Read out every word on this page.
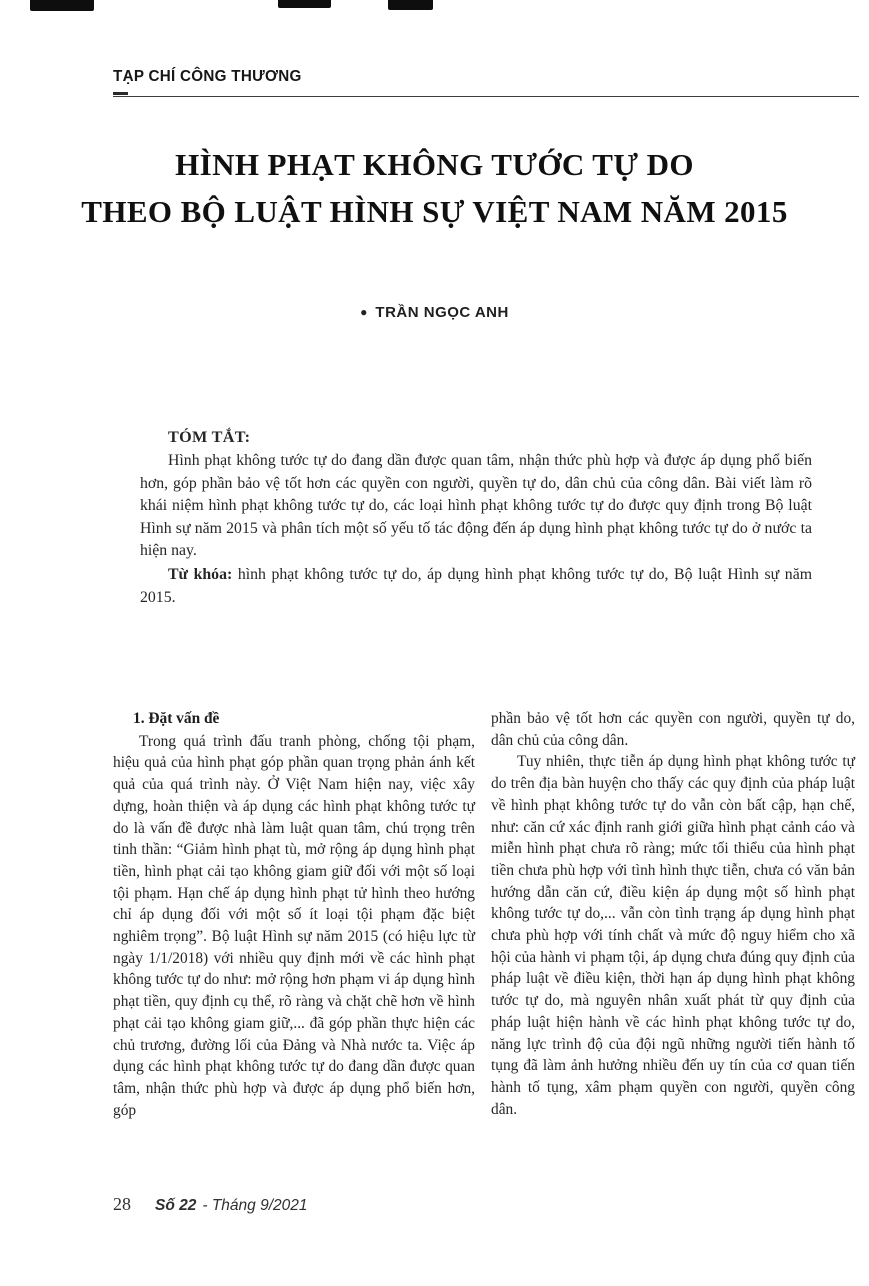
TẠP CHÍ CÔNG THƯƠNG
HÌNH PHẠT KHÔNG TƯỚC TỰ DO
THEO BỘ LUẬT HÌNH SỰ VIỆT NAM NĂM 2015
● TRẦN NGỌC ANH
TÓM TẮT:
Hình phạt không tước tự do đang dần được quan tâm, nhận thức phù hợp và được áp dụng phổ biến hơn, góp phần bảo vệ tốt hơn các quyền con người, quyền tự do, dân chủ của công dân. Bài viết làm rõ khái niệm hình phạt không tước tự do, các loại hình phạt không tước tự do được quy định trong Bộ luật Hình sự năm 2015 và phân tích một số yếu tố tác động đến áp dụng hình phạt không tước tự do ở nước ta hiện nay.
Từ khóa: hình phạt không tước tự do, áp dụng hình phạt không tước tự do, Bộ luật Hình sự năm 2015.
1. Đặt vấn đề
Trong quá trình đấu tranh phòng, chống tội phạm, hiệu quả của hình phạt góp phần quan trọng phản ánh kết quả của quá trình này. Ở Việt Nam hiện nay, việc xây dựng, hoàn thiện và áp dụng các hình phạt không tước tự do là vấn đề được nhà làm luật quan tâm, chú trọng trên tinh thần: “Giảm hình phạt tù, mở rộng áp dụng hình phạt tiền, hình phạt cải tạo không giam giữ đối với một số loại tội phạm. Hạn chế áp dụng hình phạt tử hình theo hướng chỉ áp dụng đối với một số ít loại tội phạm đặc biệt nghiêm trọng”. Bộ luật Hình sự năm 2015 (có hiệu lực từ ngày 1/1/2018) với nhiều quy định mới về các hình phạt không tước tự do như: mở rộng hơn phạm vi áp dụng hình phạt tiền, quy định cụ thể, rõ ràng và chặt chẽ hơn về hình phạt cải tạo không giam giữ,... đã góp phần thực hiện các chủ trương, đường lối của Đảng và Nhà nước ta. Việc áp dụng các hình phạt không tước tự do đang dần được quan tâm, nhận thức phù hợp và được áp dụng phổ biến hơn, góp
phần bảo vệ tốt hơn các quyền con người, quyền tự do, dân chủ của công dân.
Tuy nhiên, thực tiễn áp dụng hình phạt không tước tự do trên địa bàn huyện cho thấy các quy định của pháp luật về hình phạt không tước tự do vẫn còn bất cập, hạn chế, như: căn cứ xác định ranh giới giữa hình phạt cảnh cáo và miễn hình phạt chưa rõ ràng; mức tối thiểu của hình phạt tiền chưa phù hợp với tình hình thực tiễn, chưa có văn bản hướng dẫn căn cứ, điều kiện áp dụng một số hình phạt không tước tự do,... vẫn còn tình trạng áp dụng hình phạt chưa phù hợp với tính chất và mức độ nguy hiểm cho xã hội của hành vi phạm tội, áp dụng chưa đúng quy định của pháp luật về điều kiện, thời hạn áp dụng hình phạt không tước tự do, mà nguyên nhân xuất phát từ quy định của pháp luật hiện hành về các hình phạt không tước tự do, năng lực trình độ của đội ngũ những người tiến hành tố tụng đã làm ảnh hưởng nhiều đến uy tín của cơ quan tiến hành tố tụng, xâm phạm quyền con người, quyền công dân.
28 Số 22 - Tháng 9/2021
